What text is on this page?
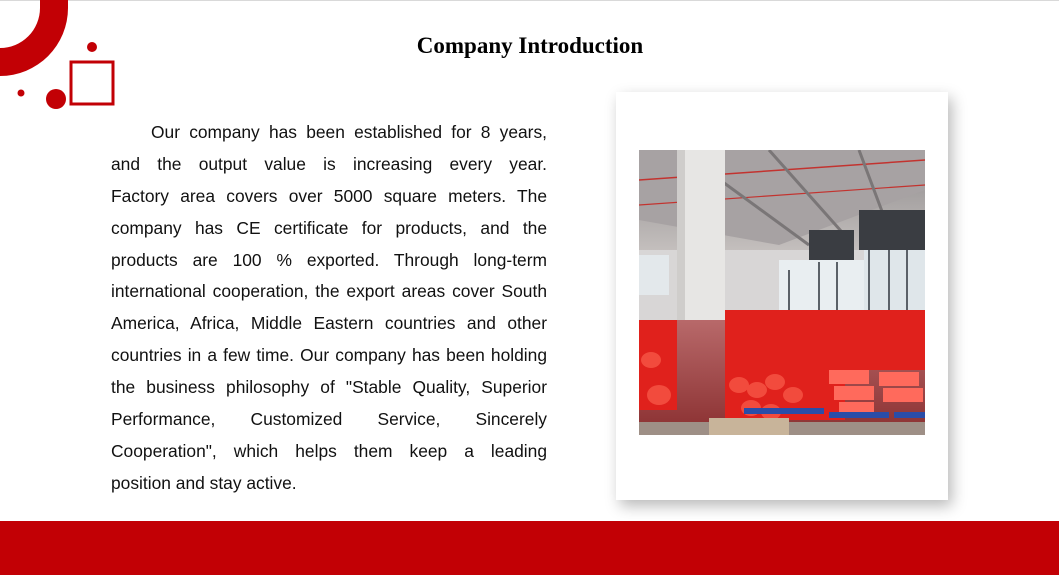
Company Introduction
Our company has been established for 8 years,
and the output value is increasing every year.
Factory area covers over 5000 square meters. The
company has CE certificate for products, and the
products are 100 % exported. Through long-term
international cooperation, the export areas cover South
America, Africa, Middle Eastern countries and other
countries in a few time. Our company has been holding
the business philosophy of "Stable Quality, Superior
Performance, Customized Service, Sincerely
Cooperation", which helps them keep a leading
position and stay active.
